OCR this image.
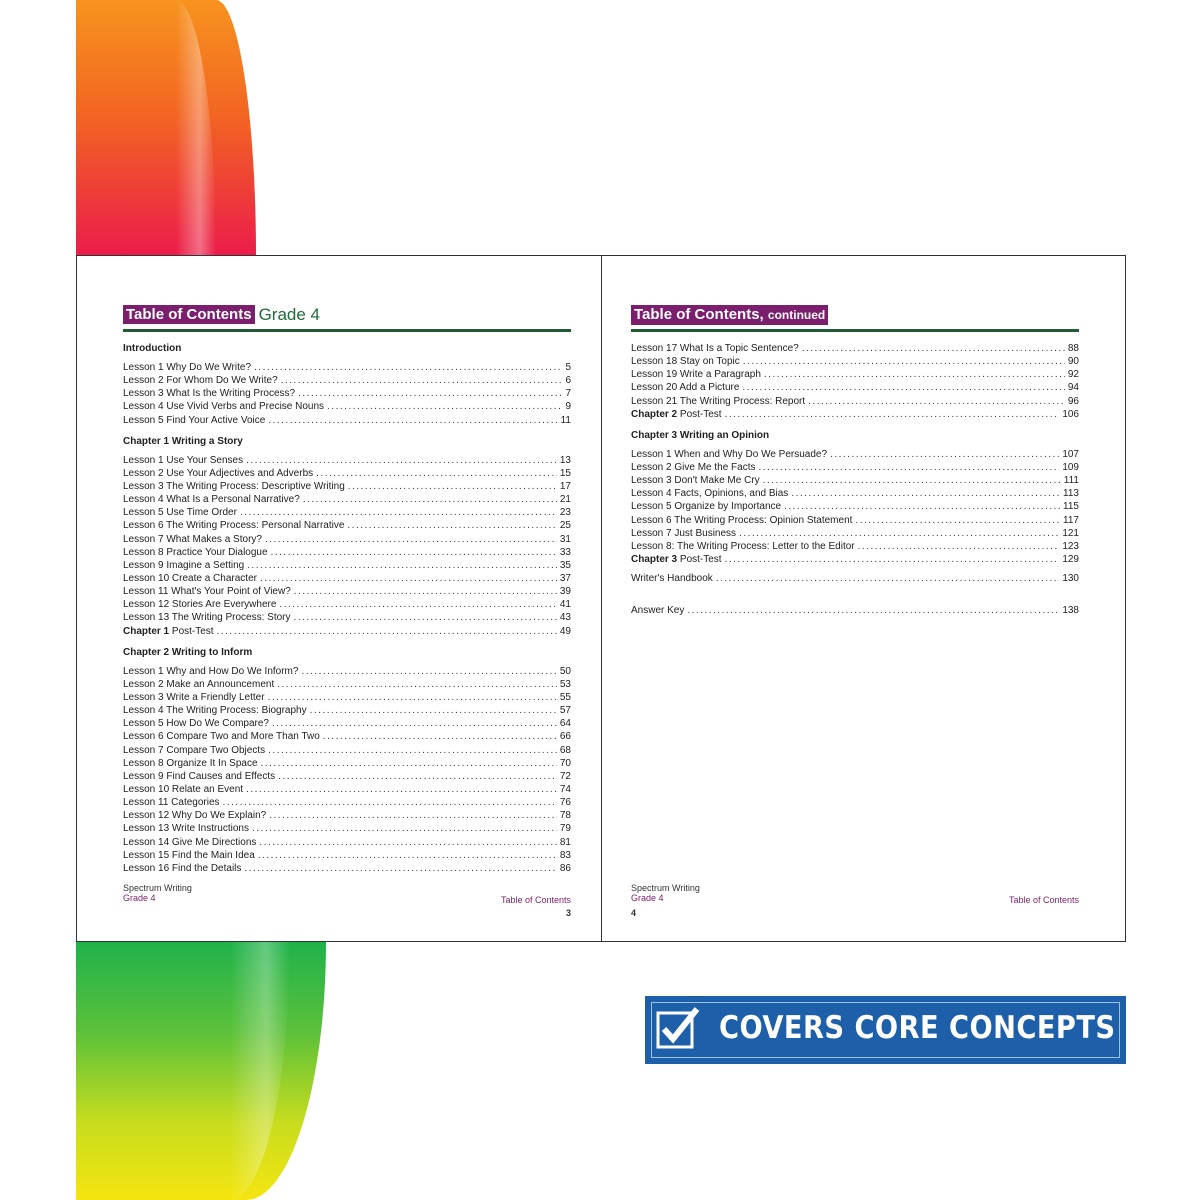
Table of Contents Grade 4
Introduction
Lesson 1 Why Do We Write? .....	5
Lesson 2 For Whom Do We Write? .....	6
Lesson 3 What Is the Writing Process? .....	7
Lesson 4 Use Vivid Verbs and Precise Nouns .....	9
Lesson 5 Find Your Active Voice .....	11
Chapter 1 Writing a Story
Lesson 1 Use Your Senses .....	13
Lesson 2 Use Your Adjectives and Adverbs .....	15
Lesson 3 The Writing Process: Descriptive Writing .....	17
Lesson 4 What Is a Personal Narrative? .....	21
Lesson 5 Use Time Order .....	23
Lesson 6 The Writing Process: Personal Narrative .....	25
Lesson 7 What Makes a Story? .....	31
Lesson 8 Practice Your Dialogue .....	33
Lesson 9 Imagine a Setting .....	35
Lesson 10 Create a Character .....	37
Lesson 11 What's Your Point of View? .....	39
Lesson 12 Stories Are Everywhere .....	41
Lesson 13 The Writing Process: Story .....	43
Chapter 1 Post-Test .....	49
Chapter 2 Writing to Inform
Lesson 1 Why and How Do We Inform? .....	50
Lesson 2 Make an Announcement .....	53
Lesson 3 Write a Friendly Letter .....	55
Lesson 4 The Writing Process: Biography .....	57
Lesson 5 How Do We Compare? .....	64
Lesson 6 Compare Two and More Than Two .....	66
Lesson 7 Compare Two Objects .....	68
Lesson 8 Organize It In Space .....	70
Lesson 9 Find Causes and Effects .....	72
Lesson 10 Relate an Event .....	74
Lesson 11 Categories .....	76
Lesson 12 Why Do We Explain? .....	78
Lesson 13 Write Instructions .....	79
Lesson 14 Give Me Directions .....	81
Lesson 15 Find the Main Idea .....	83
Lesson 16 Find the Details .....	86
Spectrum Writing
Grade 4	Table of Contents
3
Table of Contents, continued
Lesson 17 What Is a Topic Sentence? .....	88
Lesson 18 Stay on Topic .....	90
Lesson 19 Write a Paragraph .....	92
Lesson 20 Add a Picture .....	94
Lesson 21 The Writing Process: Report .....	96
Chapter 2 Post-Test .....	106
Chapter 3 Writing an Opinion
Lesson 1 When and Why Do We Persuade? .....	107
Lesson 2 Give Me the Facts .....	109
Lesson 3 Don't Make Me Cry .....	111
Lesson 4 Facts, Opinions, and Bias .....	113
Lesson 5 Organize by Importance .....	115
Lesson 6 The Writing Process: Opinion Statement .....	117
Lesson 7 Just Business .....	121
Lesson 8: The Writing Process: Letter to the Editor .....	123
Chapter 3 Post-Test .....	129
Writer's Handbook .....	130
Answer Key .....	138
Spectrum Writing
Grade 4	Table of Contents
4
COVERS CORE CONCEPTS
